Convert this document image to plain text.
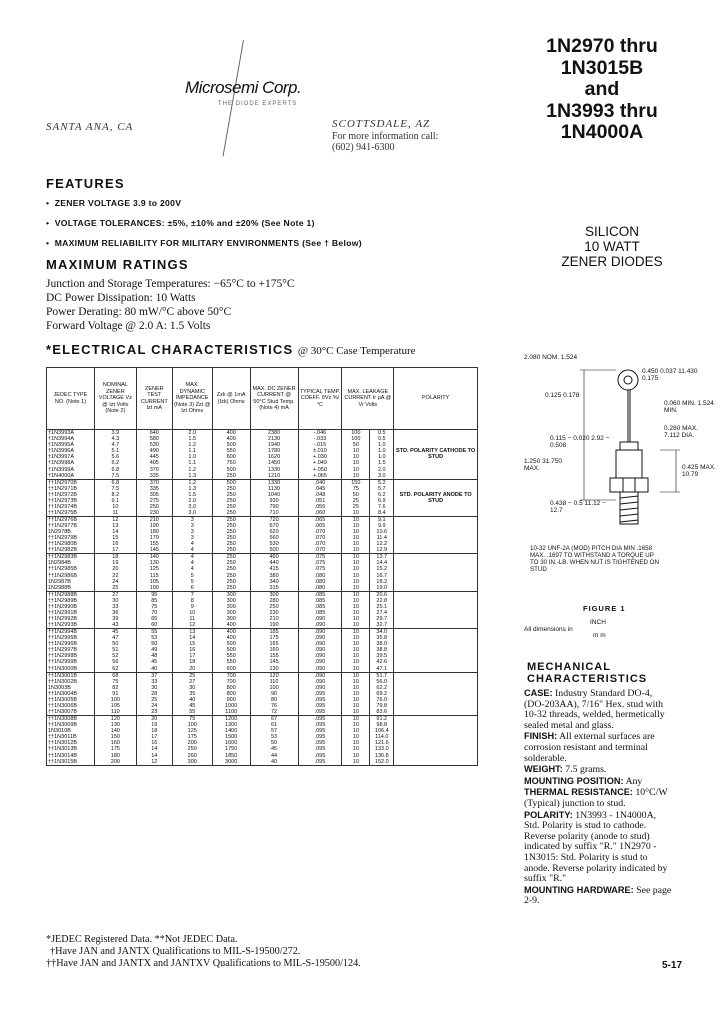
Microsemi Corp.
THE DIODE EXPERTS
SANTA ANA, CA	SCOTTSDALE, AZ
For more information call:
(602) 941-6300
1N2970 thru
1N3015B
and
1N3993 thru
1N4000A
SILICON
10 WATT
ZENER DIODES
FEATURES
•  ZENER VOLTAGE 3.9 to 200V
•  VOLTAGE TOLERANCES: ±5%, ±10% and ±20% (See Note 1)
•  MAXIMUM RELIABILITY FOR MILITARY ENVIRONMENTS (See † Below)
MAXIMUM RATINGS
Junction and Storage Temperatures: −65°C to +175°C
DC Power Dissipation: 10 Watts
Power Derating: 80 mW/°C above 50°C
Forward Voltage @ 2.0 A: 1.5 Volts
*ELECTRICAL CHARACTERISTICS @ 30°C Case Temperature
JEDEC TYPE NO. (Note 1)	NOMINAL ZENER VOLTAGE Vz @ Izt Volts (Note 2)	ZENER TEST CURRENT Izt mA	MAX. DYNAMIC IMPEDANCE (Note 3) Zzt @ Izt Ohms	Zzk @ 1mA (Izk) Ohms	MAX. DC ZENER CURRENT @ 50°C Stud Temp. (Note 4) mA	TYPICAL TEMP. COEFF. θVz %/°C	MAX. LEAKAGE CURRENT Ir μA @ Vr Volts		POLARITY
†1N3993A	3.9	640	2.0	400	2380	-.046	100	0.5	STD. POLARITY CATHODE TO STUD
†1N3994A	4.3	580	1.5	400	2130	-.033	100	0.5	
†1N3995A	4.7	530	1.2	500	1940	-.015	50	1.0	
†1N3996A	5.1	490	1.1	550	1780	±.010	10	1.0	
†1N3997A	5.6	445	1.0	600	1620	+.030	10	1.0	
†1N3998A	6.2	405	1.1	750	1450	+.049	10	1.5	
†1N3999A	6.8	370	1.2	500	1330	+.050	10	2.0	
†1N4000A	7.5	335	1.3	250	1210	+.065	10	3.0	
††1N2970B	6.8	370	1.2	500	1330	.040	150	5.2	STD. POLARITY ANODE TO STUD
††1N2971B	7.5	335	1.3	250	1130	.045	75	5.7	
††1N2972B	8.2	305	1.5	250	1040	.048	50	6.2	
††1N2973B	9.1	275	2.0	250	930	.051	25	6.9	
††1N2974B	10	250	3.0	250	790	.055	25	7.6	
††1N2975B	11	230	3.0	250	710	.060	10	8.4	
††1N2976B	12	210	3	250	720	.065	10	9.1	
††1N2977B	13	190	3	250	670	.065	10	9.9	
1N2978B	14	180	3	250	620	.070	10	10.6	
††1N2979B	15	170	3	250	560	.070	10	11.4	
††1N2980B	16	155	4	250	530	.070	10	12.2	
††1N2982B	17	145	4	250	500	.070	10	12.9	
††1N2983B	18	140	4	250	460	.075	10	13.7	
1N2984B	19	130	4	250	440	.075	10	14.4	
††1N2985B	20	125	4	250	415	.075	10	15.2	
††1N2986B	22	115	5	250	380	.080	10	16.7	
1N2987B	24	105	5	250	340	.080	10	18.2	
1N2988B	25	100	6	250	315	.080	10	19.0	
††1N2988B	27	95	7	300	300	.085	10	20.6	
††1N2989B	30	85	8	300	280	.085	10	22.8	
††1N2990B	33	75	9	300	250	.085	10	25.1	
††1N2991B	36	70	10	300	230	.085	10	27.4	
††1N2992B	39	65	11	300	210	.090	10	29.7	
††1N2993B	43	60	12	400	190	.090	10	32.7	
††1N2994B	45	55	13	400	185	.090	10	34.0	
††1N2995B	47	53	14	400	175	.090	10	35.8	
††1N2996B	50	50	15	500	165	.090	10	38.0	
††1N2997B	51	49	16	500	160	.090	10	38.8	
††1N2998B	52	48	17	550	155	.090	10	39.5	
††1N2999B	56	45	18	550	145	.090	10	42.6	
††1N3000B	62	40	20	600	130	.090	10	47.1	
††1N3001B	68	37	25	700	120	.090	10	51.7	
††1N3002B	75	33	27	700	110	.090	10	56.0	
1N3003B	82	30	30	800	100	.090	10	62.2	
††1N3004B	91	28	35	800	90	.095	10	69.2	
††1N3005B	100	25	40	900	80	.095	10	76.0	
††1N3006B	105	24	45	1000	76	.095	10	79.8	
††1N3007B	110	23	55	1100	72	.095	10	83.6	
††1N3008B	120	20	75	1200	67	.095	10	91.2	
††1N3009B	130	19	100	1300	61	.095	10	98.8	
1N3010B	140	18	125	1400	57	.095	10	106.4	
††1N3011B	150	17	175	1500	53	.095	10	114.0	
††1N3012B	160	16	200	1600	50	.095	10	121.6	
††1N3013B	175	14	250	1750	45	.095	10	133.0	
††1N3014B	180	14	260	1850	44	.095	10	136.8	
††1N3015B	200	12	300	3000	40	.095	10	152.0	
*JEDEC Registered Data. **Not JEDEC Data.
†Have JAN and JANTX Qualifications to MIL-S-19500/272.
††Have JAN and JANTX and JANTXV Qualifications to MIL-S-19500/124.
2.080 NOM. 1.524
0.450 0.037 11.430 0.175
0.125 0.178
0.060 MIN. 1.524 MIN.
0.115 − 0.020 2.92 − 0.508
0.280 MAX. 7.112 DIA.
1.250 31.750 MAX.	0.425 MAX. 10.79
0.438 − 0.5 11.12 − 12.7
10-32 UNF-2A (MOD) PITCH DIA MIN .1658 MAX. .1697 TO WITHSTAND A TORQUE UP TO 30 IN.-LB. WHEN NUT IS TIGHTENED ON STUD
FIGURE 1
INCH
All dimensions in
m m
MECHANICAL
CHARACTERISTICS
CASE: Industry Standard DO-4, (DO-203AA), 7/16" Hex. stud with 10-32 threads, welded, hermetically sealed metal and glass.
FINISH: All external surfaces are corrosion resistant and terminal solderable.
WEIGHT: 7.5 grams.
MOUNTING POSITION: Any
THERMAL RESISTANCE: 10°C/W (Typical) junction to stud.
POLARITY: 1N3993 - 1N4000A, Std. Polarity is stud to cathode. Reverse polarity (anode to stud) indicated by suffix "R." 1N2970 - 1N3015: Std. Polarity is stud to anode. Reverse polarity indicated by suffix "R."
MOUNTING HARDWARE: See page 2-9.
5-17
